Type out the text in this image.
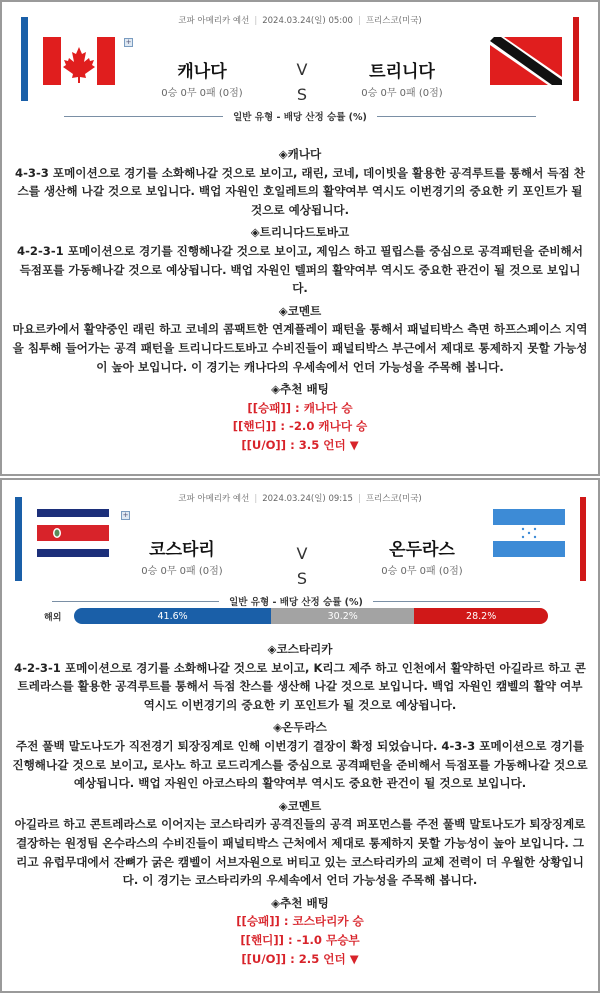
코파 아메리카 예선 | 2024.03.24(일) 05:00 | 프리스코(미국)
+
캐나다
0승 0무 0패 (0점)
V
S
트리니다
0승 0무 0패 (0점)
일반 유형 - 배당 산정 승률 (%)
◈캐나다
4-3-3 포메이션으로 경기를 소화해나갈 것으로 보이고, 래린, 코네, 데이빗을 활용한 공격루트를 통해서 득점 찬스를 생산해 나갈 것으로 보입니다. 백업 자원인 호일레트의 활약여부 역시도 이번경기의 중요한 키 포인트가 될 것으로 예상됩니다.
◈트리니다드토바고
4-2-3-1 포메이션으로 경기를 진행해나갈 것으로 보이고, 제임스 하고 필립스를 중심으로 공격패턴을 준비해서 득점포를 가동해나갈 것으로 예상됩니다. 백업 자원인 텔퍼의 활약여부 역시도 중요한 관건이 될 것으로 보입니다.
◈코멘트
마요르카에서 활약중인 래린 하고 코네의 콤팩트한 연계플레이 패턴을 통해서 패널티박스 측면 하프스페이스 지역을 침투해 들어가는 공격 패턴을 트리니다드토바고 수비진들이 패널티박스 부근에서 제대로 통제하지 못할 가능성이 높아 보입니다. 이 경기는 캐나다의 우세속에서 언더 가능성을 주목해 봅니다.
◈추천 배팅
[[승패]] : 캐나다 승
[[핸디]] : -2.0 캐나다 승
[[U/O]] : 3.5 언더 ▼
코파 아메리카 예선 | 2024.03.24(일) 09:15 | 프리스코(미국)
+
코스타리
0승 0무 0패 (0점)
V
S
온두라스
0승 0무 0패 (0점)
일반 유형 - 배당 산정 승률 (%)
해외	41.6%	30.2%	28.2%
◈코스타리카
4-2-3-1 포메이션으로 경기를 소화해나갈 것으로 보이고, K리그 제주 하고 인천에서 활약하던 아길라르 하고 콘트레라스를 활용한 공격루트를 통해서 득점 찬스를 생산해 나갈 것으로 보입니다. 백업 자원인 캠벨의 활약 여부 역시도 이번경기의 중요한 키 포인트가 될 것으로 예상됩니다.
◈온두라스
주전 풀백 말도나도가 직전경기 퇴장징계로 인해 이번경기 결장이 확정 되었습니다. 4-3-3 포메이션으로 경기를 진행해나갈 것으로 보이고, 로사노 하고 로드리게스를 중심으로 공격패턴을 준비해서 득점포를 가동해나갈 것으로 예상됩니다. 백업 자원인 아코스타의 활약여부 역시도 중요한 관건이 될 것으로 보입니다.
◈코멘트
아길라르 하고 콘트레라스로 이어지는 코스타리카 공격진들의 공격 퍼포먼스를 주전 풀백 말토나도가 퇴장징계로 결장하는 원정팀 온수라스의 수비진들이 패널티박스 근처에서 제대로 통제하지 못할 가능성이 높아 보입니다. 그리고 유럽무대에서 잔뼈가 굵은 캠벨이 서브자원으로 버티고 있는 코스타리카의 교체 전력이 더 우월한 상황입니다. 이 경기는 코스타리카의 우세속에서 언더 가능성을 주목해 봅니다.
◈추천 배팅
[[승패]] : 코스타리카 승
[[핸디]] : -1.0 무승부
[[U/O]] : 2.5 언더 ▼
